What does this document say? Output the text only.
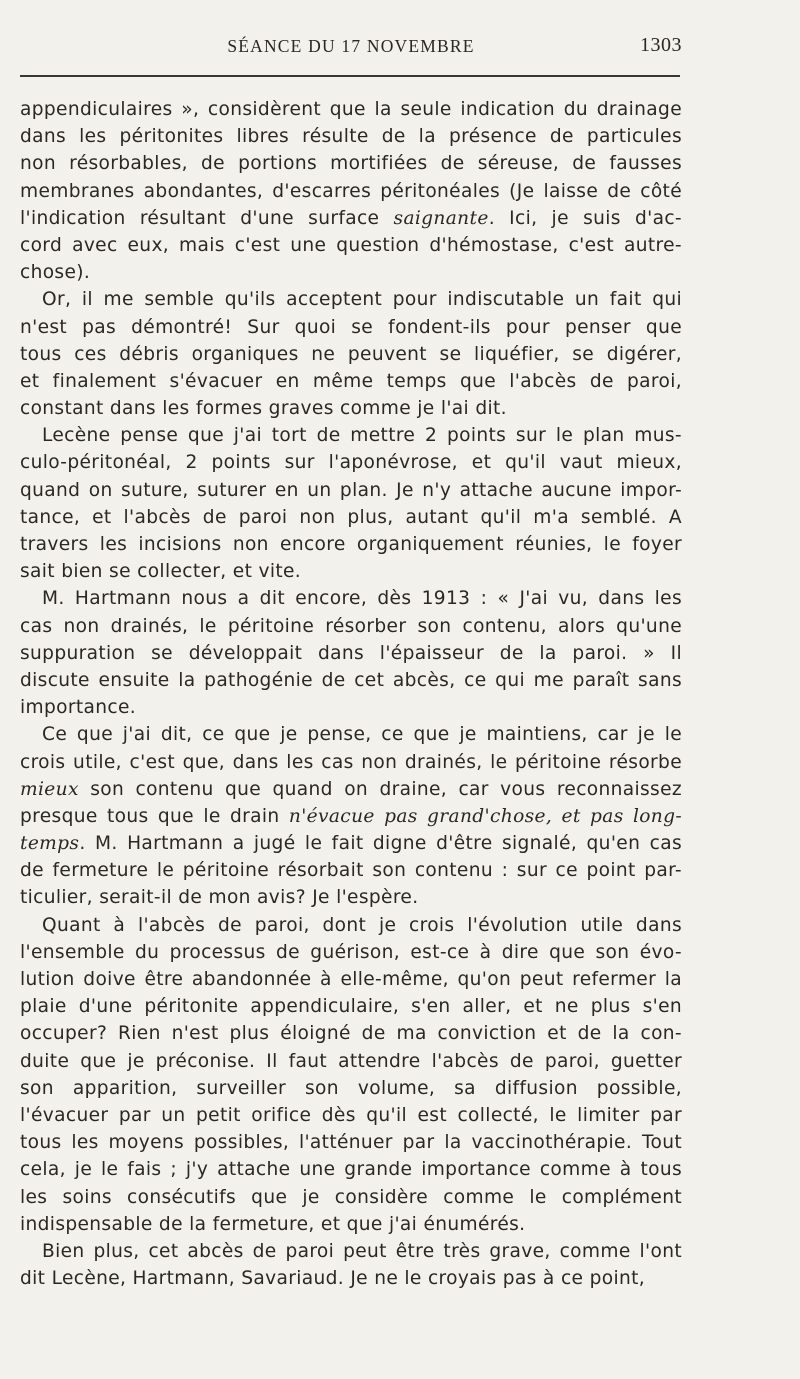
SÉANCE DU 17 NOVEMBRE	1303
appendiculaires », considèrent que la seule indication du drainage
dans les péritonites libres résulte de la présence de particules
non résorbables, de portions mortifiées de séreuse, de fausses
membranes abondantes, d'escarres péritonéales (Je laisse de côté
l'indication résultant d'une surface saignante. Ici, je suis d'ac-
cord avec eux, mais c'est une question d'hémostase, c'est autre-
chose).
Or, il me semble qu'ils acceptent pour indiscutable un fait qui
n'est pas démontré! Sur quoi se fondent-ils pour penser que
tous ces débris organiques ne peuvent se liquéfier, se digérer,
et finalement s'évacuer en même temps que l'abcès de paroi,
constant dans les formes graves comme je l'ai dit.
Lecène pense que j'ai tort de mettre 2 points sur le plan mus-
culo-péritonéal, 2 points sur l'aponévrose, et qu'il vaut mieux,
quand on suture, suturer en un plan. Je n'y attache aucune impor-
tance, et l'abcès de paroi non plus, autant qu'il m'a semblé. A
travers les incisions non encore organiquement réunies, le foyer
sait bien se collecter, et vite.
M. Hartmann nous a dit encore, dès 1913 : « J'ai vu, dans les
cas non drainés, le péritoine résorber son contenu, alors qu'une
suppuration se développait dans l'épaisseur de la paroi. » Il
discute ensuite la pathogénie de cet abcès, ce qui me paraît sans
importance.
Ce que j'ai dit, ce que je pense, ce que je maintiens, car je le
crois utile, c'est que, dans les cas non drainés, le péritoine résorbe
mieux son contenu que quand on draine, car vous reconnaissez
presque tous que le drain n'évacue pas grand'chose, et pas long-
temps. M. Hartmann a jugé le fait digne d'être signalé, qu'en cas
de fermeture le péritoine résorbait son contenu : sur ce point par-
ticulier, serait-il de mon avis? Je l'espère.
Quant à l'abcès de paroi, dont je crois l'évolution utile dans
l'ensemble du processus de guérison, est-ce à dire que son évo-
lution doive être abandonnée à elle-même, qu'on peut refermer la
plaie d'une péritonite appendiculaire, s'en aller, et ne plus s'en
occuper? Rien n'est plus éloigné de ma conviction et de la con-
duite que je préconise. Il faut attendre l'abcès de paroi, guetter
son apparition, surveiller son volume, sa diffusion possible,
l'évacuer par un petit orifice dès qu'il est collecté, le limiter par
tous les moyens possibles, l'atténuer par la vaccinothérapie. Tout
cela, je le fais ; j'y attache une grande importance comme à tous
les soins consécutifs que je considère comme le complément
indispensable de la fermeture, et que j'ai énumérés.
Bien plus, cet abcès de paroi peut être très grave, comme l'ont
dit Lecène, Hartmann, Savariaud. Je ne le croyais pas à ce point,
